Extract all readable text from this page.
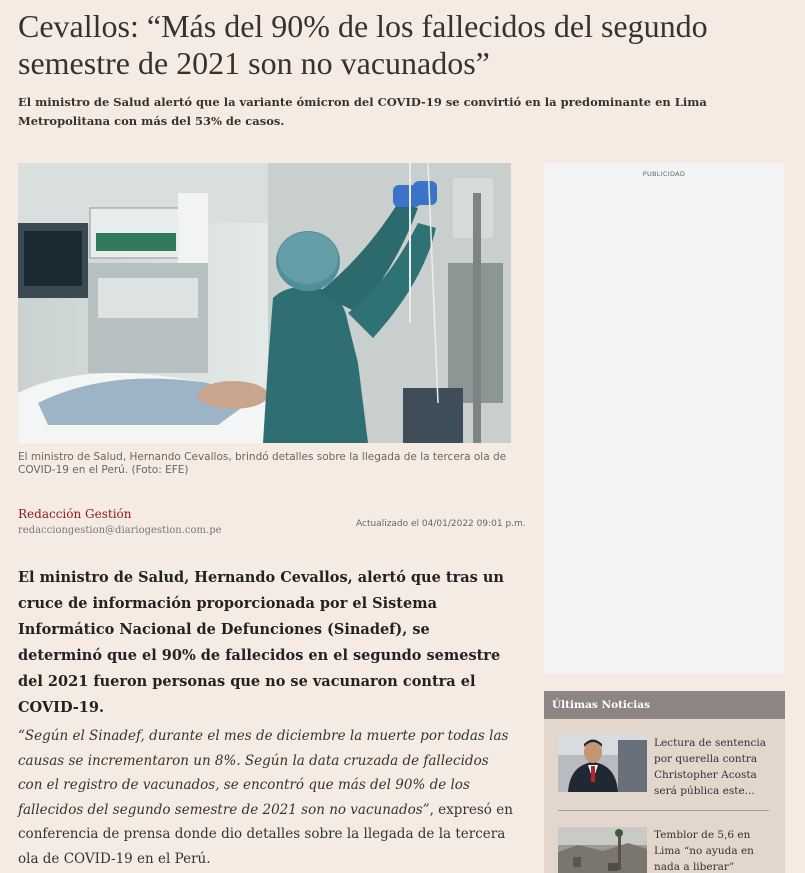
Cevallos: “Más del 90% de los fallecidos del segundo semestre de 2021 son no vacunados”

El ministro de Salud alertó que la variante ómicron del COVID-19 se convirtió en la predominante en Lima Metropolitana con más del 53% de casos.

El ministro de Salud, Hernando Cevallos, brindó detalles sobre la llegada de la tercera ola de COVID-19 en el Perú. (Foto: EFE)
Redacción Gestión
redacciongestion@diariogestion.com.pe
Actualizado el 04/01/2022 09:01 p.m.

El ministro de Salud, Hernando Cevallos, alertó que tras un cruce de información proporcionada por el Sistema Informático Nacional de Defunciones (Sinadef), se determinó que el 90% de fallecidos en el segundo semestre del 2021 fueron personas que no se vacunaron contra el COVID-19.

“Según el Sinadef, durante el mes de diciembre la muerte por todas las causas se incrementaron un 8%. Según la data cruzada de fallecidos con el registro de vacunados, se encontró que más del 90% de los fallecidos del segundo semestre de 2021 son no vacunados”, expresó en conferencia de prensa donde dio detalles sobre la llegada de la tercera ola de COVID-19 en el Perú.

PUBLICIDAD
Últimas Noticias
Lectura de sentencia por querella contra Christopher Acosta será pública este...
Temblor de 5,6 en Lima “no ayuda en nada a liberar”
